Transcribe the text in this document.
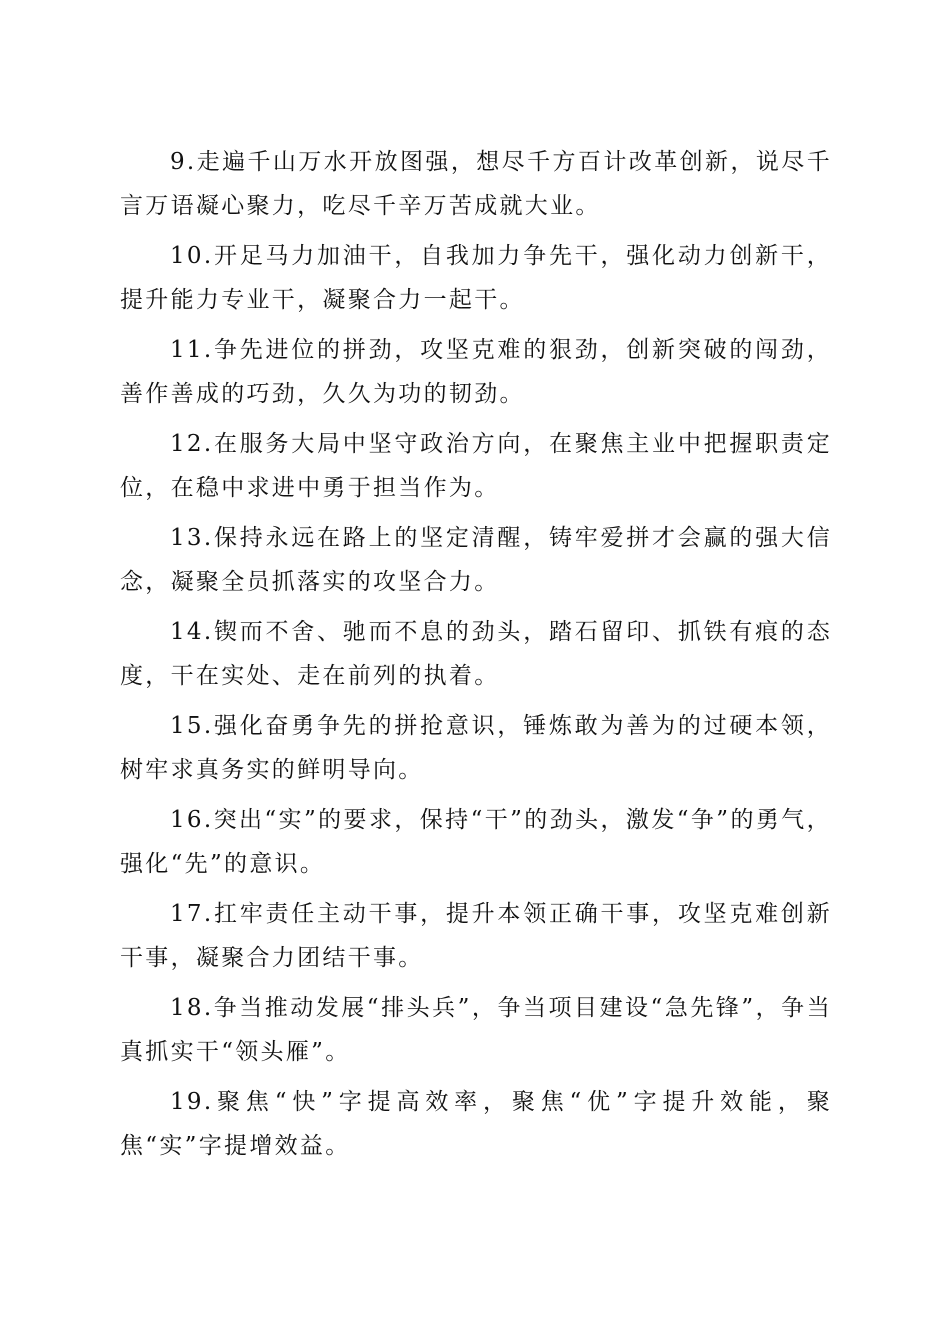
9.走遍千山万水开放图强，想尽千方百计改革创新，说尽千言万语凝心聚力，吃尽千辛万苦成就大业。

10.开足马力加油干，自我加力争先干，强化动力创新干，提升能力专业干，凝聚合力一起干。

11.争先进位的拼劲，攻坚克难的狠劲，创新突破的闯劲，善作善成的巧劲，久久为功的韧劲。

12.在服务大局中坚守政治方向，在聚焦主业中把握职责定位，在稳中求进中勇于担当作为。

13.保持永远在路上的坚定清醒，铸牢爱拼才会赢的强大信念，凝聚全员抓落实的攻坚合力。

14.锲而不舍、驰而不息的劲头，踏石留印、抓铁有痕的态度，干在实处、走在前列的执着。

15.强化奋勇争先的拼抢意识，锤炼敢为善为的过硬本领，树牢求真务实的鲜明导向。

16.突出“实”的要求，保持“干”的劲头，激发“争”的勇气，强化“先”的意识。

17.扛牢责任主动干事，提升本领正确干事，攻坚克难创新干事，凝聚合力团结干事。

18.争当推动发展“排头兵”，争当项目建设“急先锋”，争当真抓实干“领头雁”。

19.聚焦“快”字提高效率，聚焦“优”字提升效能，聚焦“实”字提增效益。
